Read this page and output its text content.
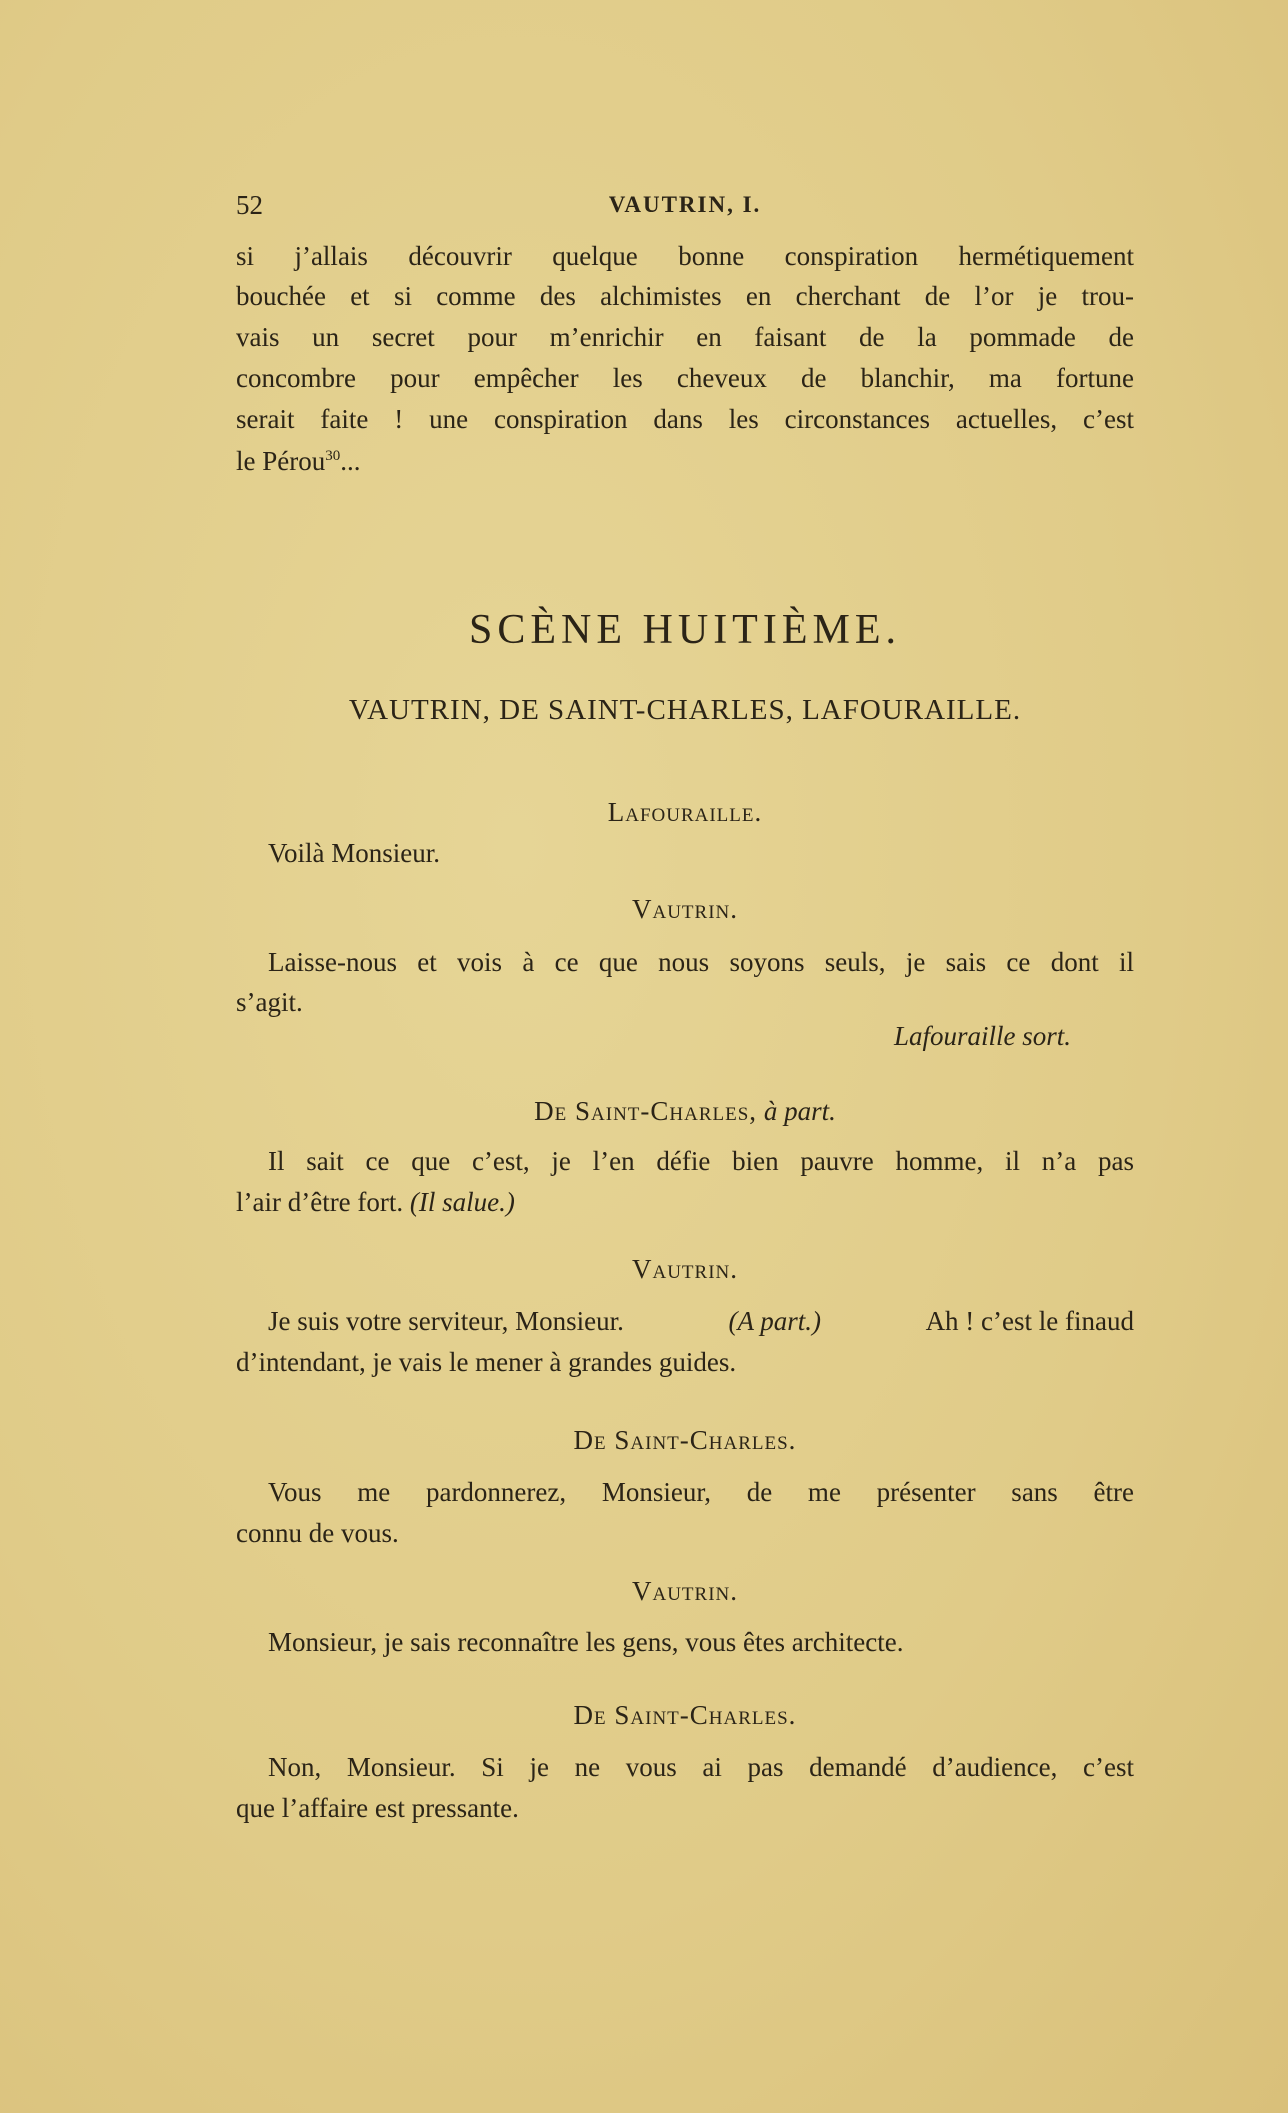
52	VAUTRIN, I.
si j’allais découvrir quelque bonne conspiration hermétiquement
bouchée et si comme des alchimistes en cherchant de l’or je trou-
vais un secret pour m’enrichir en faisant de la pommade de
concombre pour empêcher les cheveux de blanchir, ma fortune
serait faite ! une conspiration dans les circonstances actuelles, c’est
le Pérou$^{30}$...
SCÈNE HUITIÈME.
VAUTRIN, DE SAINT-CHARLES, LAFOURAILLE.
Lafouraille.
Voilà Monsieur.
Vautrin.
Laisse-nous et vois à ce que nous soyons seuls, je sais ce dont il
s’agit.
Lafouraille sort.
De Saint-Charles, à part.
Il sait ce que c’est, je l’en défie bien pauvre homme, il n’a pas
l’air d’être fort. (Il salue.)
Vautrin.
Je suis votre serviteur, Monsieur.	(A part.)	Ah ! c’est le finaud
d’intendant, je vais le mener à grandes guides.
De Saint-Charles.
Vous me pardonnerez, Monsieur, de me présenter sans être
connu de vous.
Vautrin.
Monsieur, je sais reconnaître les gens, vous êtes architecte.
De Saint-Charles.
Non, Monsieur. Si je ne vous ai pas demandé d’audience, c’est
que l’affaire est pressante.
